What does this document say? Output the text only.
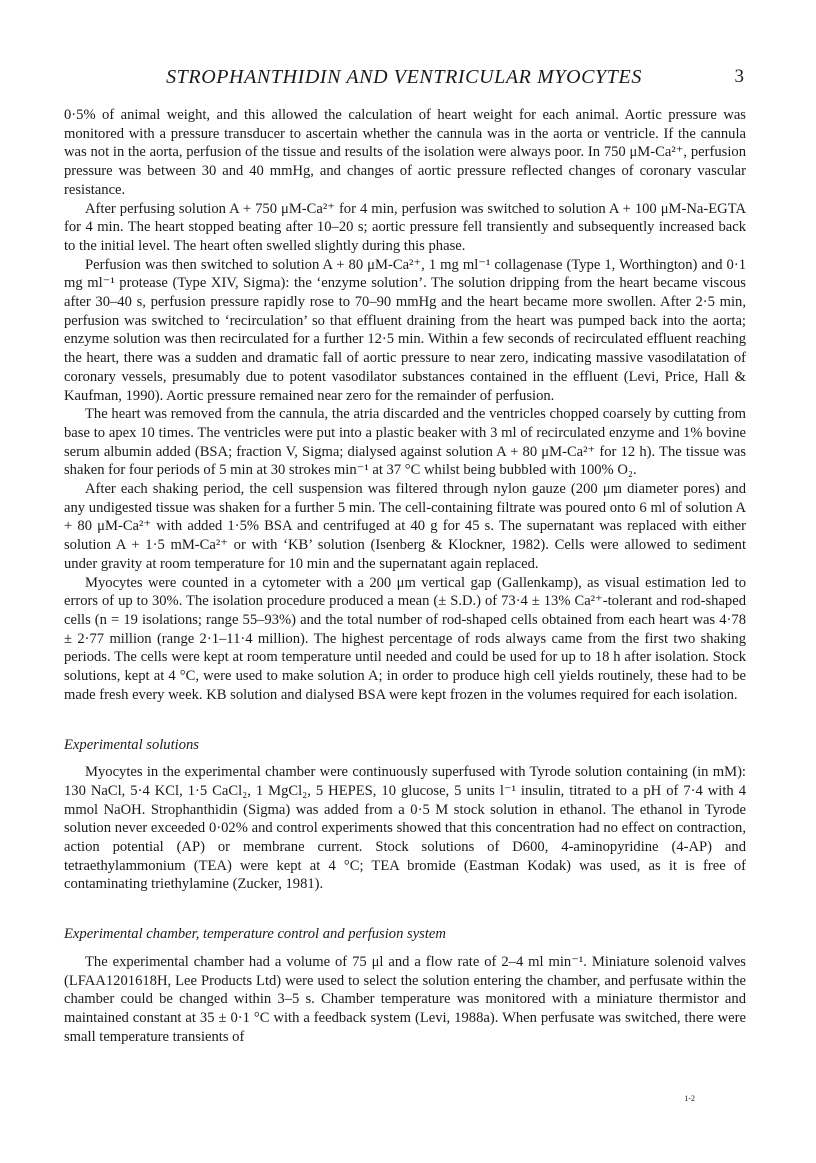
STROPHANTHIDIN AND VENTRICULAR MYOCYTES	3

0·5% of animal weight, and this allowed the calculation of heart weight for each animal. Aortic pressure was monitored with a pressure transducer to ascertain whether the cannula was in the aorta or ventricle. If the cannula was not in the aorta, perfusion of the tissue and results of the isolation were always poor. In 750 μM-Ca²⁺, perfusion pressure was between 30 and 40 mmHg, and changes of aortic pressure reflected changes of coronary vascular resistance.

After perfusing solution A + 750 μM-Ca²⁺ for 4 min, perfusion was switched to solution A + 100 μM-Na-EGTA for 4 min. The heart stopped beating after 10–20 s; aortic pressure fell transiently and subsequently increased back to the initial level. The heart often swelled slightly during this phase.

Perfusion was then switched to solution A + 80 μM-Ca²⁺, 1 mg ml⁻¹ collagenase (Type 1, Worthington) and 0·1 mg ml⁻¹ protease (Type XIV, Sigma): the ‘enzyme solution’. The solution dripping from the heart became viscous after 30–40 s, perfusion pressure rapidly rose to 70–90 mmHg and the heart became more swollen. After 2·5 min, perfusion was switched to ‘recirculation’ so that effluent draining from the heart was pumped back into the aorta; enzyme solution was then recirculated for a further 12·5 min. Within a few seconds of recirculated effluent reaching the heart, there was a sudden and dramatic fall of aortic pressure to near zero, indicating massive vasodilatation of coronary vessels, presumably due to potent vasodilator substances contained in the effluent (Levi, Price, Hall & Kaufman, 1990). Aortic pressure remained near zero for the remainder of perfusion.

The heart was removed from the cannula, the atria discarded and the ventricles chopped coarsely by cutting from base to apex 10 times. The ventricles were put into a plastic beaker with 3 ml of recirculated enzyme and 1% bovine serum albumin added (BSA; fraction V, Sigma; dialysed against solution A + 80 μM-Ca²⁺ for 12 h). The tissue was shaken for four periods of 5 min at 30 strokes min⁻¹ at 37 °C whilst being bubbled with 100% O₂.

After each shaking period, the cell suspension was filtered through nylon gauze (200 μm diameter pores) and any undigested tissue was shaken for a further 5 min. The cell-containing filtrate was poured onto 6 ml of solution A + 80 μM-Ca²⁺ with added 1·5% BSA and centrifuged at 40 g for 45 s. The supernatant was replaced with either solution A + 1·5 mM-Ca²⁺ or with ‘KB’ solution (Isenberg & Klockner, 1982). Cells were allowed to sediment under gravity at room temperature for 10 min and the supernatant again replaced.

Myocytes were counted in a cytometer with a 200 μm vertical gap (Gallenkamp), as visual estimation led to errors of up to 30%. The isolation procedure produced a mean (± S.D.) of 73·4 ± 13% Ca²⁺-tolerant and rod-shaped cells (n = 19 isolations; range 55–93%) and the total number of rod-shaped cells obtained from each heart was 4·78 ± 2·77 million (range 2·1–11·4 million). The highest percentage of rods always came from the first two shaking periods. The cells were kept at room temperature until needed and could be used for up to 18 h after isolation. Stock solutions, kept at 4 °C, were used to make solution A; in order to produce high cell yields routinely, these had to be made fresh every week. KB solution and dialysed BSA were kept frozen in the volumes required for each isolation.

Experimental solutions

Myocytes in the experimental chamber were continuously superfused with Tyrode solution containing (in mM): 130 NaCl, 5·4 KCl, 1·5 CaCl₂, 1 MgCl₂, 5 HEPES, 10 glucose, 5 units l⁻¹ insulin, titrated to a pH of 7·4 with 4 mmol NaOH. Strophanthidin (Sigma) was added from a 0·5 M stock solution in ethanol. The ethanol in Tyrode solution never exceeded 0·02% and control experiments showed that this concentration had no effect on contraction, action potential (AP) or membrane current. Stock solutions of D600, 4-aminopyridine (4-AP) and tetraethylammonium (TEA) were kept at 4 °C; TEA bromide (Eastman Kodak) was used, as it is free of contaminating triethylamine (Zucker, 1981).

Experimental chamber, temperature control and perfusion system

The experimental chamber had a volume of 75 μl and a flow rate of 2–4 ml min⁻¹. Miniature solenoid valves (LFAA1201618H, Lee Products Ltd) were used to select the solution entering the chamber, and perfusate within the chamber could be changed within 3–5 s. Chamber temperature was monitored with a miniature thermistor and maintained constant at 35 ± 0·1 °C with a feedback system (Levi, 1988a). When perfusate was switched, there were small temperature transients of

1-2
